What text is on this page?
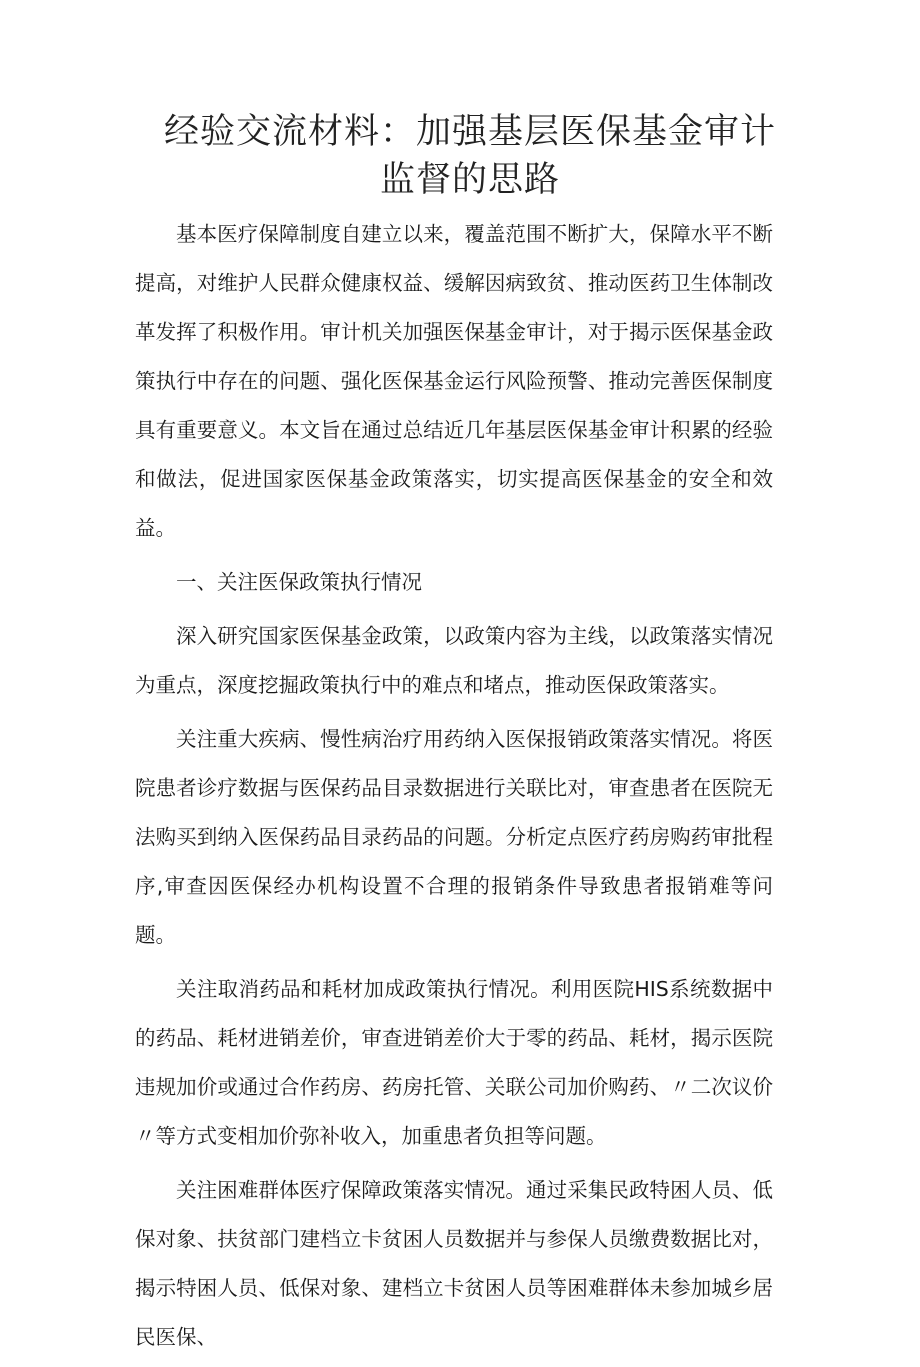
经验交流材料：加强基层医保基金审计监督的思路

基本医疗保障制度自建立以来，覆盖范围不断扩大，保障水平不断提高，对维护人民群众健康权益、缓解因病致贫、推动医药卫生体制改革发挥了积极作用。审计机关加强医保基金审计，对于揭示医保基金政策执行中存在的问题、强化医保基金运行风险预警、推动完善医保制度具有重要意义。本文旨在通过总结近几年基层医保基金审计积累的经验和做法，促进国家医保基金政策落实，切实提高医保基金的安全和效益。

一、关注医保政策执行情况

深入研究国家医保基金政策，以政策内容为主线，以政策落实情况为重点，深度挖掘政策执行中的难点和堵点，推动医保政策落实。

关注重大疾病、慢性病治疗用药纳入医保报销政策落实情况。将医院患者诊疗数据与医保药品目录数据进行关联比对，审查患者在医院无法购买到纳入医保药品目录药品的问题。分析定点医疗药房购药审批程序,审查因医保经办机构设置不合理的报销条件导致患者报销难等问题。

关注取消药品和耗材加成政策执行情况。利用医院HIS系统数据中的药品、耗材进销差价，审查进销差价大于零的药品、耗材，揭示医院违规加价或通过合作药房、药房托管、关联公司加价购药、〃二次议价〃等方式变相加价弥补收入，加重患者负担等问题。

关注困难群体医疗保障政策落实情况。通过采集民政特困人员、低保对象、扶贫部门建档立卡贫困人员数据并与参保人员缴费数据比对，揭示特困人员、低保对象、建档立卡贫困人员等困难群体未参加城乡居民医保、
